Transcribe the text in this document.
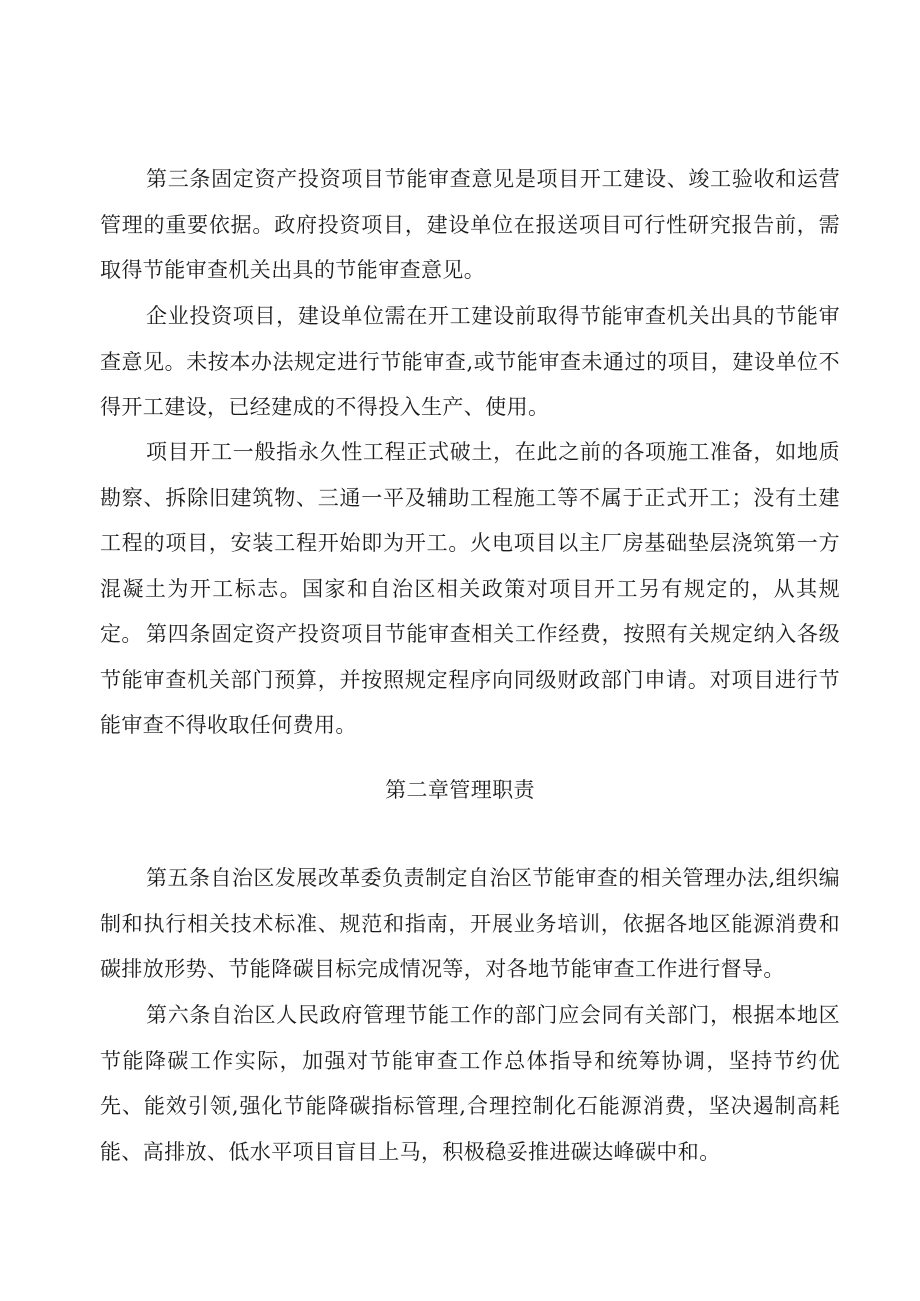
第三条固定资产投资项目节能审查意见是项目开工建设、竣工验收和运营管理的重要依据。政府投资项目，建设单位在报送项目可行性研究报告前，需取得节能审查机关出具的节能审查意见。

企业投资项目，建设单位需在开工建设前取得节能审查机关出具的节能审查意见。未按本办法规定进行节能审查,或节能审查未通过的项目，建设单位不得开工建设，已经建成的不得投入生产、使用。

项目开工一般指永久性工程正式破土，在此之前的各项施工准备，如地质勘察、拆除旧建筑物、三通一平及辅助工程施工等不属于正式开工；没有土建工程的项目，安装工程开始即为开工。火电项目以主厂房基础垫层浇筑第一方混凝土为开工标志。国家和自治区相关政策对项目开工另有规定的，从其规定。 第四条固定资产投资项目节能审查相关工作经费，按照有关规定纳入各级节能审查机关部门预算，并按照规定程序向同级财政部门申请。对项目进行节能审查不得收取任何费用。

第二章管理职责

第五条自治区发展改革委负责制定自治区节能审查的相关管理办法,组织编制和执行相关技术标准、规范和指南，开展业务培训，依据各地区能源消费和碳排放形势、节能降碳目标完成情况等，对各地节能审查工作进行督导。

第六条自治区人民政府管理节能工作的部门应会同有关部门，根据本地区节能降碳工作实际，加强对节能审查工作总体指导和统筹协调，坚持节约优先、能效引领,强化节能降碳指标管理,合理控制化石能源消费，坚决遏制高耗能、高排放、低水平项目盲目上马，积极稳妥推进碳达峰碳中和。
